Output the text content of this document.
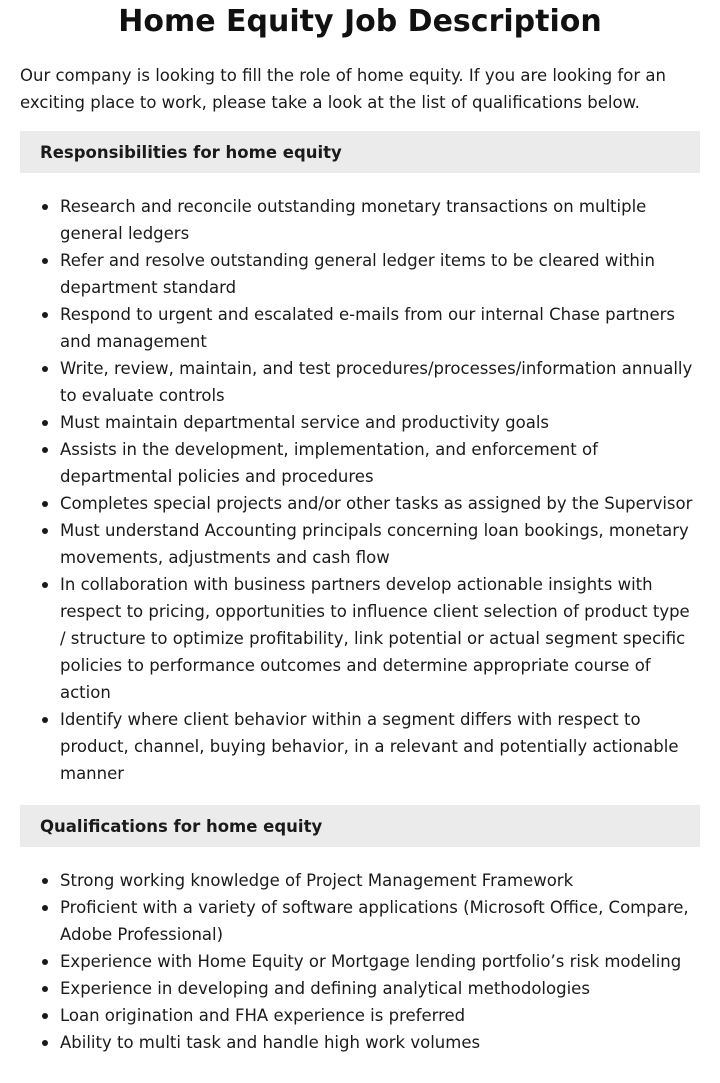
Home Equity Job Description

Our company is looking to fill the role of home equity. If you are looking for an exciting place to work, please take a look at the list of qualifications below.

Responsibilities for home equity
Research and reconcile outstanding monetary transactions on multiple general ledgers
Refer and resolve outstanding general ledger items to be cleared within department standard
Respond to urgent and escalated e-mails from our internal Chase partners and management
Write, review, maintain, and test procedures/processes/information annually to evaluate controls
Must maintain departmental service and productivity goals
Assists in the development, implementation, and enforcement of departmental policies and procedures
Completes special projects and/or other tasks as assigned by the Supervisor
Must understand Accounting principals concerning loan bookings, monetary movements, adjustments and cash flow
In collaboration with business partners develop actionable insights with respect to pricing, opportunities to influence client selection of product type / structure to optimize profitability, link potential or actual segment specific policies to performance outcomes and determine appropriate course of action
Identify where client behavior within a segment differs with respect to product, channel, buying behavior, in a relevant and potentially actionable manner
Qualifications for home equity
Strong working knowledge of Project Management Framework
Proficient with a variety of software applications (Microsoft Office, Compare, Adobe Professional)
Experience with Home Equity or Mortgage lending portfolio’s risk modeling
Experience in developing and defining analytical methodologies
Loan origination and FHA experience is preferred
Ability to multi task and handle high work volumes
